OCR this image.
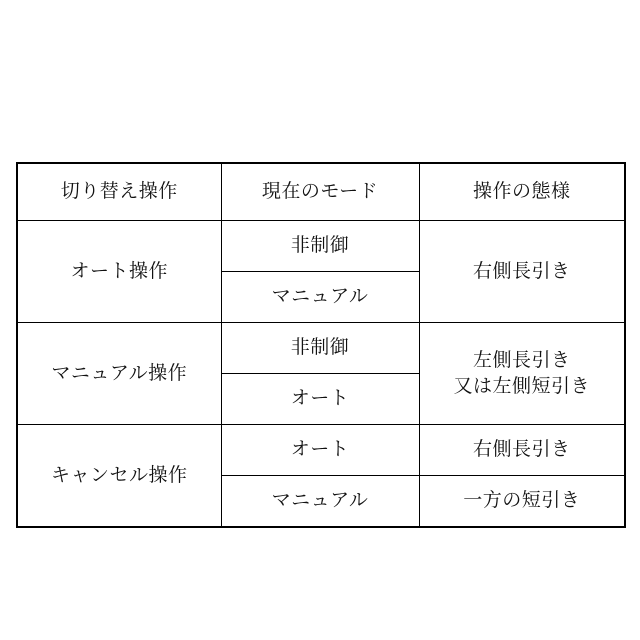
切り替え操作	現在のモード	操作の態様
オート操作	非制御	右側長引き
	マニュアル	
マニュアル操作	非制御	左側長引き
又は左側短引き

	オート	
キャンセル操作	オート	右側長引き
	マニュアル	一方の短引き
